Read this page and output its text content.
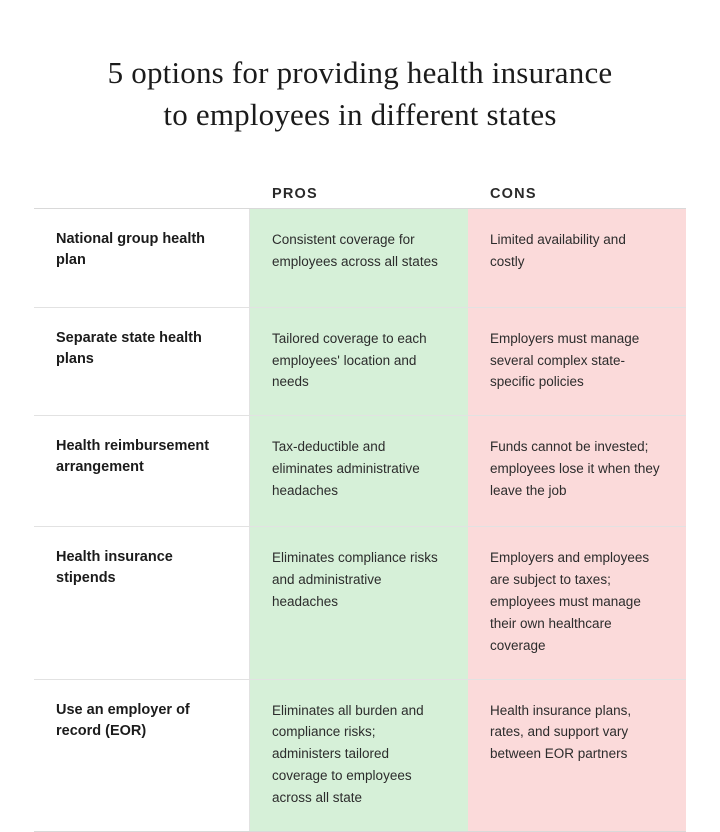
5 options for providing health insurance
to employees in different states
PROS	CONS
National group health plan
Consistent coverage for employees across all states
Limited availability and costly
Separate state health plans
Tailored coverage to each employees' location and needs
Employers must manage several complex state-specific policies
Health reimbursement arrangement
Tax-deductible and eliminates administrative headaches
Funds cannot be invested; employees lose it when they leave the job
Health insurance stipends
Eliminates compliance risks and administrative headaches
Employers and employees are subject to taxes; employees must manage their own healthcare coverage
Use an employer of record (EOR)
Eliminates all burden and compliance risks; administers tailored coverage to employees across all state
Health insurance plans, rates, and support vary between EOR partners
